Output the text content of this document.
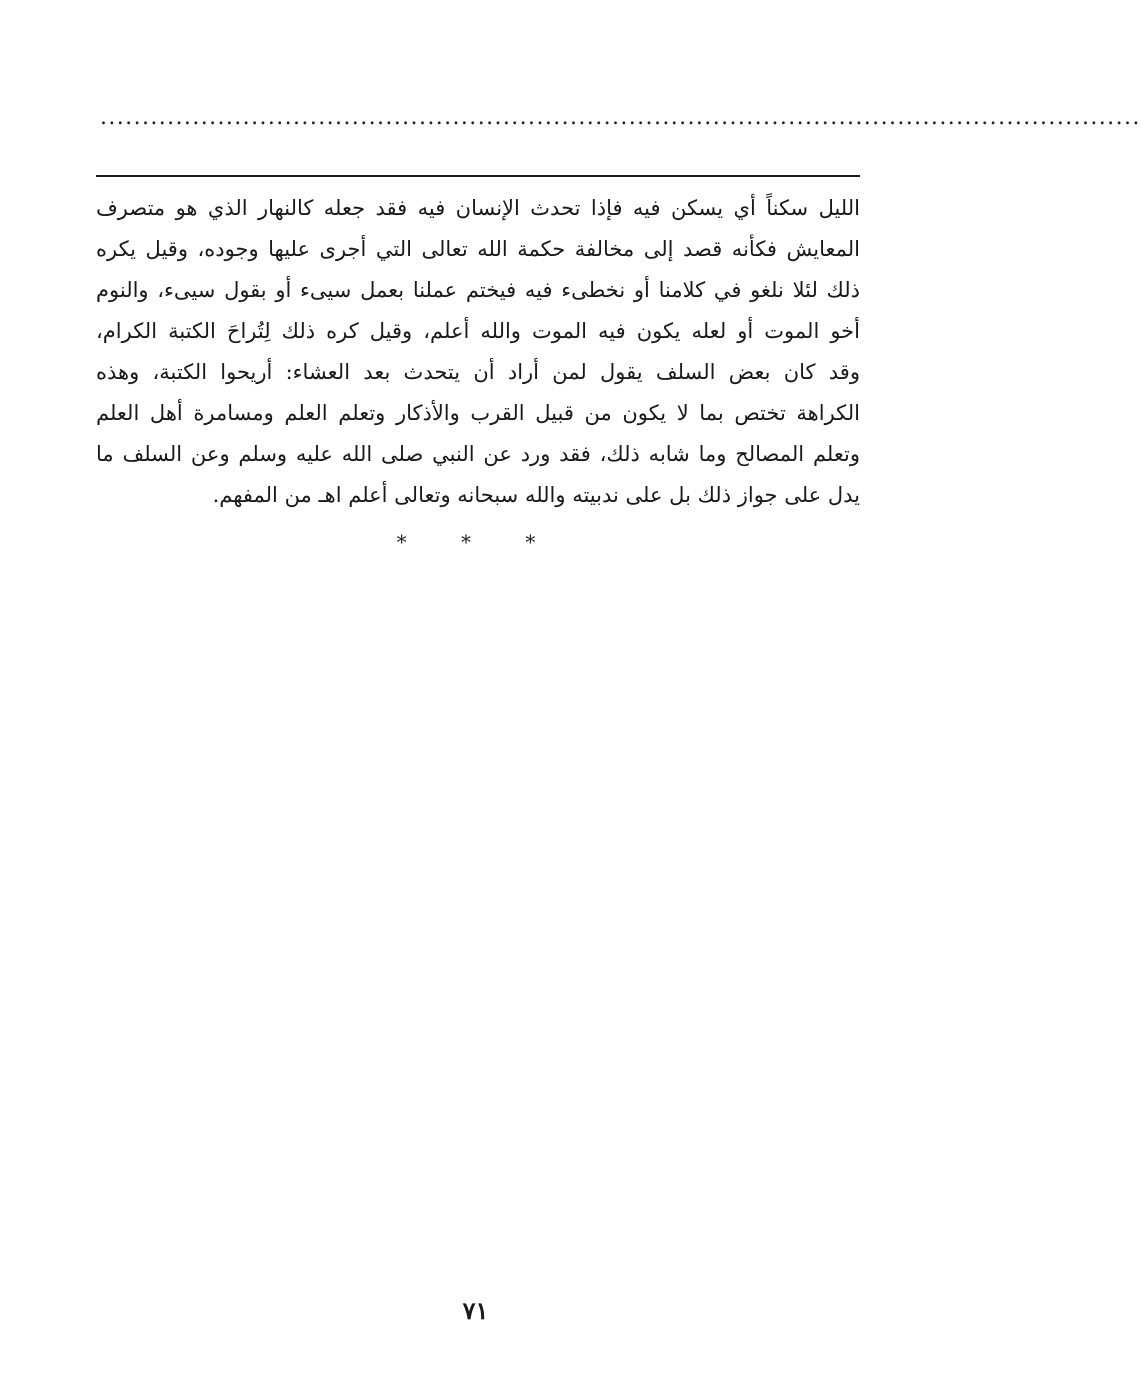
............................................................................................................................
الليل سكناً أي يسكن فيه فإذا تحدث الإنسان فيه فقد جعله كالنهار الذي هو متصرف
المعايش فكأنه قصد إلى مخالفة حكمة الله تعالى التي أجرى عليها وجوده، وقيل يكره
ذلك لئلا نلغو في كلامنا أو نخطىء فيه فيختم عملنا بعمل سيىء أو بقول سيىء، والنوم
أخو الموت أو لعله يكون فيه الموت والله أعلم، وقيل كره ذلك لِتُراحَ الكتبة الكرام،
وقد كان بعض السلف يقول لمن أراد أن يتحدث بعد العشاء: أريحوا الكتبة، وهذه
الكراهة تختص بما لا يكون من قبيل القرب والأذكار وتعلم العلم ومسامرة أهل العلم
وتعلم المصالح وما شابه ذلك، فقد ورد عن النبي صلى الله عليه وسلم وعن السلف ما
يدل على جواز ذلك بل على ندبيته والله سبحانه وتعالى أعلم اهـ من المفهم.
* * *
٧١
